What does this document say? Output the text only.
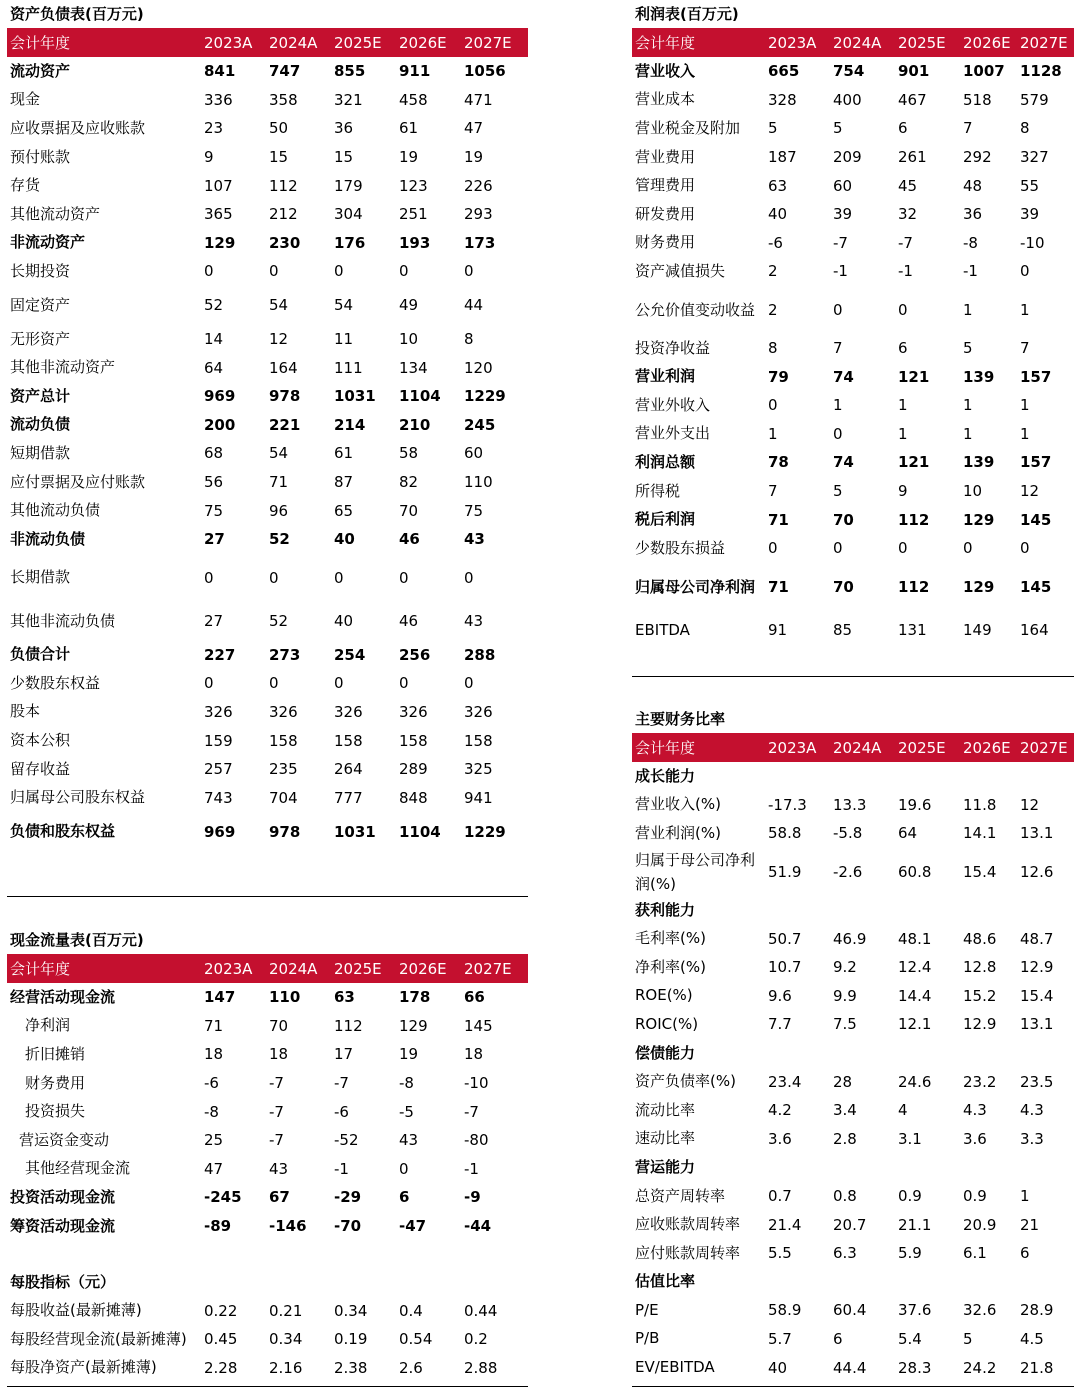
资产负债表(百万元)
会计年度	2023A	2024A	2025E	2026E	2027E
流动资产	841	747	855	911	1056
现金	336	358	321	458	471
应收票据及应收账款	23	50	36	61	47
预付账款	9	15	15	19	19
存货	107	112	179	123	226
其他流动资产	365	212	304	251	293
非流动资产	129	230	176	193	173
长期投资	0	0	0	0	0
固定资产	52	54	54	49	44
无形资产	14	12	11	10	8
其他非流动资产	64	164	111	134	120
资产总计	969	978	1031	1104	1229
流动负债	200	221	214	210	245
短期借款	68	54	61	58	60
应付票据及应付账款	56	71	87	82	110
其他流动负债	75	96	65	70	75
非流动负债	27	52	40	46	43
长期借款	0	0	0	0	0
其他非流动负债	27	52	40	46	43
负债合计	227	273	254	256	288
少数股东权益	0	0	0	0	0
股本	326	326	326	326	326
资本公积	159	158	158	158	158
留存收益	257	235	264	289	325
归属母公司股东权益	743	704	777	848	941
负债和股东权益	969	978	1031	1104	1229
现金流量表(百万元)
会计年度	2023A	2024A	2025E	2026E	2027E
经营活动现金流	147	110	63	178	66
净利润	71	70	112	129	145
折旧摊销	18	18	17	19	18
财务费用	-6	-7	-7	-8	-10
投资损失	-8	-7	-6	-5	-7
营运资金变动	25	-7	-52	43	-80
其他经营现金流	47	43	-1	0	-1
投资活动现金流	-245	67	-29	6	-9
筹资活动现金流	-89	-146	-70	-47	-44
每股指标（元）
每股收益(最新摊薄)	0.22	0.21	0.34	0.4	0.44
每股经营现金流(最新摊薄)	0.45	0.34	0.19	0.54	0.2
每股净资产(最新摊薄)	2.28	2.16	2.38	2.6	2.88
利润表(百万元)
会计年度	2023A	2024A	2025E	2026E	2027E
营业收入	665	754	901	1007	1128
营业成本	328	400	467	518	579
营业税金及附加	5	5	6	7	8
营业费用	187	209	261	292	327
管理费用	63	60	45	48	55
研发费用	40	39	32	36	39
财务费用	-6	-7	-7	-8	-10
资产减值损失	2	-1	-1	-1	0
公允价值变动收益	2	0	0	1	1
投资净收益	8	7	6	5	7
营业利润	79	74	121	139	157
营业外收入	0	1	1	1	1
营业外支出	1	0	1	1	1
利润总额	78	74	121	139	157
所得税	7	5	9	10	12
税后利润	71	70	112	129	145
少数股东损益	0	0	0	0	0
归属母公司净利润	71	70	112	129	145
EBITDA	91	85	131	149	164
主要财务比率
会计年度	2023A	2024A	2025E	2026E	2027E
成长能力					
营业收入(%)	-17.3	13.3	19.6	11.8	12
营业利润(%)	58.8	-5.8	64	14.1	13.1
归属于母公司净利润(%)	51.9	-2.6	60.8	15.4	12.6
获利能力					
毛利率(%)	50.7	46.9	48.1	48.6	48.7
净利率(%)	10.7	9.2	12.4	12.8	12.9
ROE(%)	9.6	9.9	14.4	15.2	15.4
ROIC(%)	7.7	7.5	12.1	12.9	13.1
偿债能力					
资产负债率(%)	23.4	28	24.6	23.2	23.5
流动比率	4.2	3.4	4	4.3	4.3
速动比率	3.6	2.8	3.1	3.6	3.3
营运能力					
总资产周转率	0.7	0.8	0.9	0.9	1
应收账款周转率	21.4	20.7	21.1	20.9	21
应付账款周转率	5.5	6.3	5.9	6.1	6
估值比率					
P/E	58.9	60.4	37.6	32.6	28.9
P/B	5.7	6	5.4	5	4.5
EV/EBITDA	40	44.4	28.3	24.2	21.8
